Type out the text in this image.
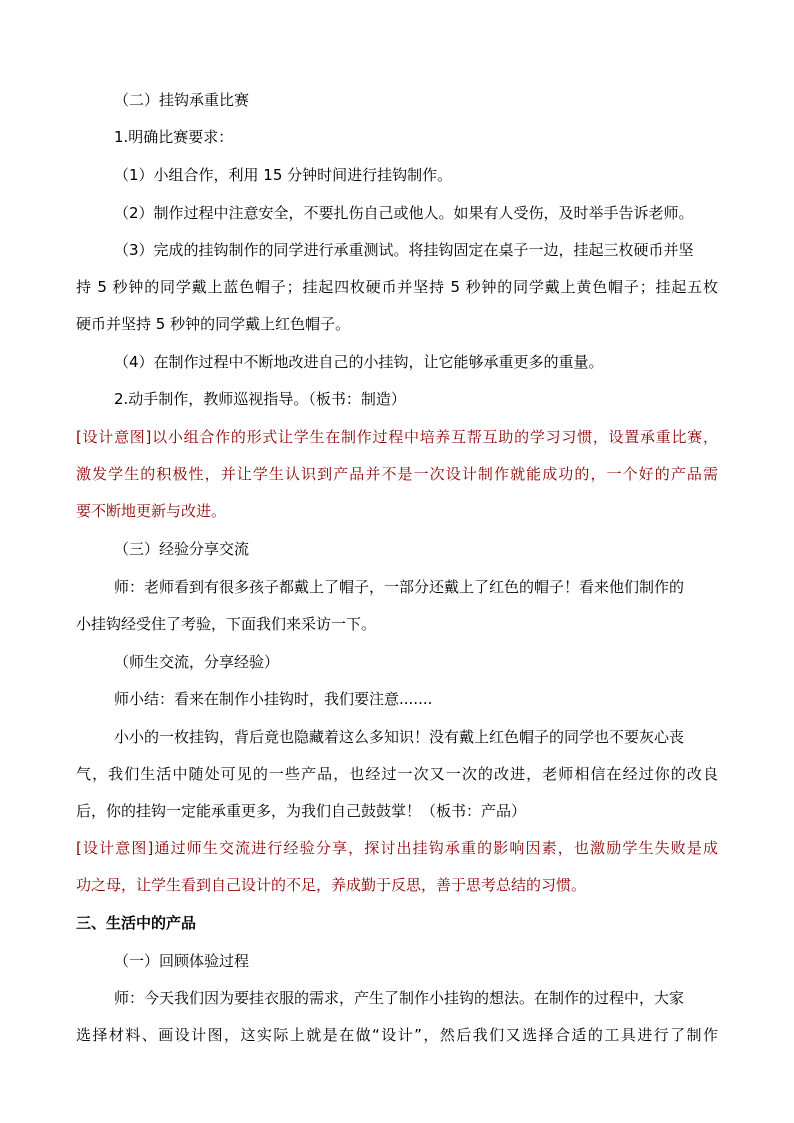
（二）挂钩承重比赛
1.明确比赛要求：
（1）小组合作，利用 15 分钟时间进行挂钩制作。
（2）制作过程中注意安全，不要扎伤自己或他人。如果有人受伤，及时举手告诉老师。
（3）完成的挂钩制作的同学进行承重测试。将挂钩固定在桌子一边，挂起三枚硬币并坚
持 5 秒钟的同学戴上蓝色帽子；挂起四枚硬币并坚持 5 秒钟的同学戴上黄色帽子；挂起五枚
硬币并坚持 5 秒钟的同学戴上红色帽子。
（4）在制作过程中不断地改进自己的小挂钩，让它能够承重更多的重量。
2.动手制作，教师巡视指导。（板书：制造）
[设计意图]以小组合作的形式让学生在制作过程中培养互帮互助的学习习惯，设置承重比赛，
激发学生的积极性，并让学生认识到产品并不是一次设计制作就能成功的，一个好的产品需
要不断地更新与改进。
（三）经验分享交流
师：老师看到有很多孩子都戴上了帽子，一部分还戴上了红色的帽子！看来他们制作的
小挂钩经受住了考验，下面我们来采访一下。
（师生交流，分享经验）
师小结：看来在制作小挂钩时，我们要注意.......
小小的一枚挂钩，背后竟也隐藏着这么多知识！没有戴上红色帽子的同学也不要灰心丧
气，我们生活中随处可见的一些产品，也经过一次又一次的改进，老师相信在经过你的改良
后，你的挂钩一定能承重更多，为我们自己鼓鼓掌！（板书：产品）
[设计意图]通过师生交流进行经验分享，探讨出挂钩承重的影响因素，也激励学生失败是成
功之母，让学生看到自己设计的不足，养成勤于反思，善于思考总结的习惯。
三、生活中的产品
（一）回顾体验过程
师：今天我们因为要挂衣服的需求，产生了制作小挂钩的想法。在制作的过程中，大家
选择材料、画设计图，这实际上就是在做“设计”，然后我们又选择合适的工具进行了制作
